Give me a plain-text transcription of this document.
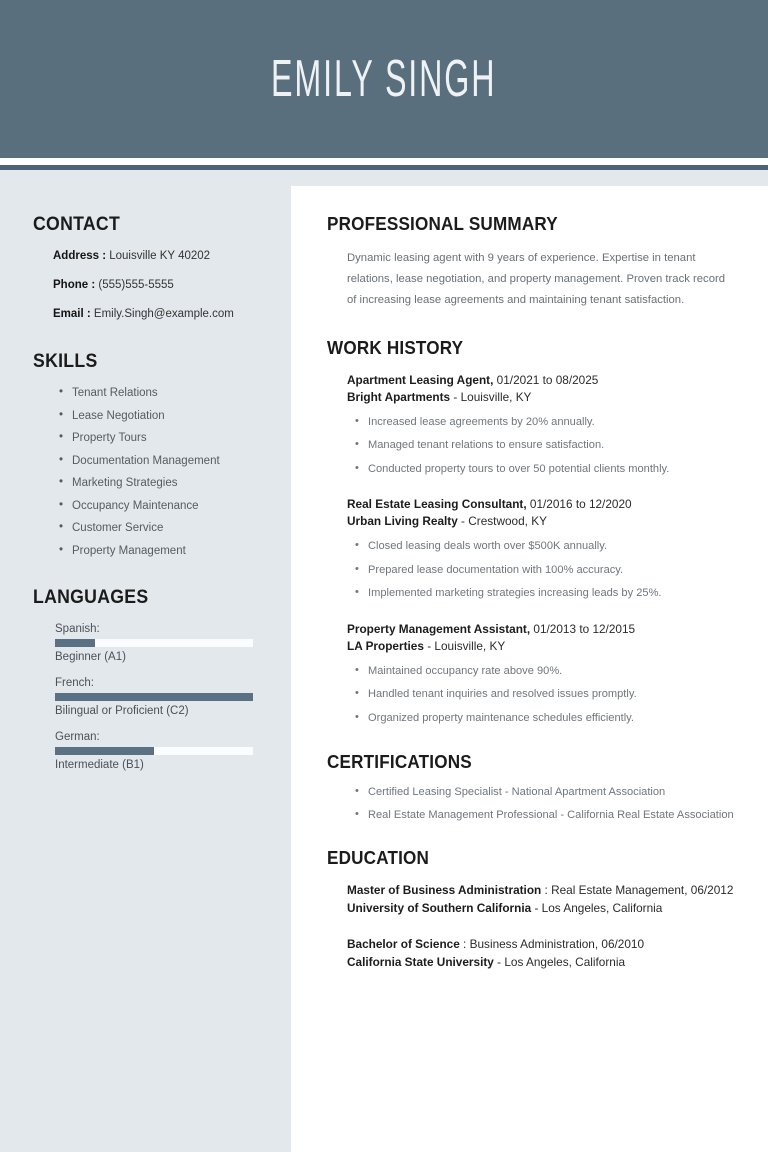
EMILY SINGH
CONTACT
Address : Louisville KY 40202
Phone : (555)555-5555
Email : Emily.Singh@example.com
SKILLS
• Tenant Relations
• Lease Negotiation
• Property Tours
• Documentation Management
• Marketing Strategies
• Occupancy Maintenance
• Customer Service
• Property Management
LANGUAGES
Spanish:
Beginner (A1)
French:
Bilingual or Proficient (C2)
German:
Intermediate (B1)
PROFESSIONAL SUMMARY

Dynamic leasing agent with 9 years of experience. Expertise in tenant relations, lease negotiation, and property management. Proven track record of increasing lease agreements and maintaining tenant satisfaction.

WORK HISTORY
Apartment Leasing Agent, 01/2021 to 08/2025
Bright Apartments - Louisville, KY
• Increased lease agreements by 20% annually.
• Managed tenant relations to ensure satisfaction.
• Conducted property tours to over 50 potential clients monthly.
Real Estate Leasing Consultant, 01/2016 to 12/2020
Urban Living Realty - Crestwood, KY
• Closed leasing deals worth over $500K annually.
• Prepared lease documentation with 100% accuracy.
• Implemented marketing strategies increasing leads by 25%.
Property Management Assistant, 01/2013 to 12/2015
LA Properties - Louisville, KY
• Maintained occupancy rate above 90%.
• Handled tenant inquiries and resolved issues promptly.
• Organized property maintenance schedules efficiently.
CERTIFICATIONS
• Certified Leasing Specialist - National Apartment Association
• Real Estate Management Professional - California Real Estate Association
EDUCATION
Master of Business Administration : Real Estate Management, 06/2012
University of Southern California - Los Angeles, California
Bachelor of Science : Business Administration, 06/2010
California State University - Los Angeles, California
